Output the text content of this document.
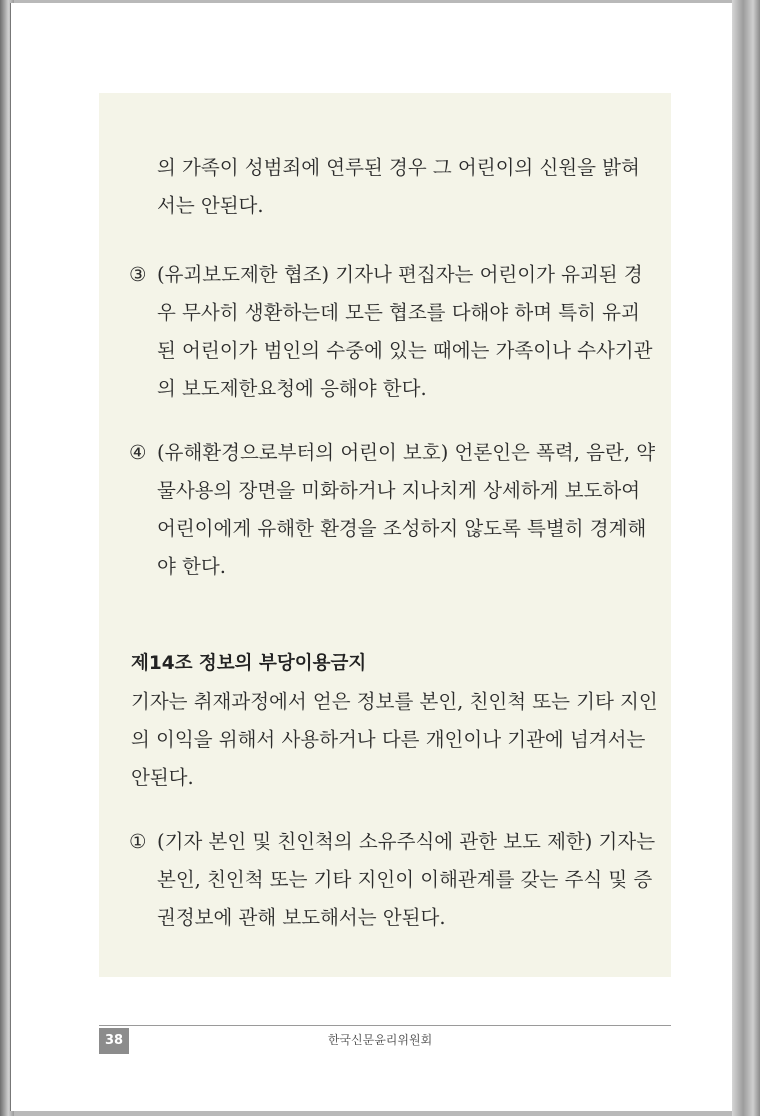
의 가족이 성범죄에 연루된 경우 그 어린이의 신원을 밝혀
서는 안된다.
③ (유괴보도제한 협조) 기자나 편집자는 어린이가 유괴된 경
우 무사히 생환하는데 모든 협조를 다해야 하며 특히 유괴
된 어린이가 범인의 수중에 있는 때에는 가족이나 수사기관
의 보도제한요청에 응해야 한다.
④ (유해환경으로부터의 어린이 보호) 언론인은 폭력, 음란, 약
물사용의 장면을 미화하거나 지나치게 상세하게 보도하여
어린이에게 유해한 환경을 조성하지 않도록 특별히 경계해
야 한다.
제14조 정보의 부당이용금지
기자는 취재과정에서 얻은 정보를 본인, 친인척 또는 기타 지인
의 이익을 위해서 사용하거나 다른 개인이나 기관에 넘겨서는
안된다.
① (기자 본인 및 친인척의 소유주식에 관한 보도 제한) 기자는
본인, 친인척 또는 기타 지인이 이해관계를 갖는 주식 및 증
권정보에 관해 보도해서는 안된다.
38	한국신문윤리위원회
